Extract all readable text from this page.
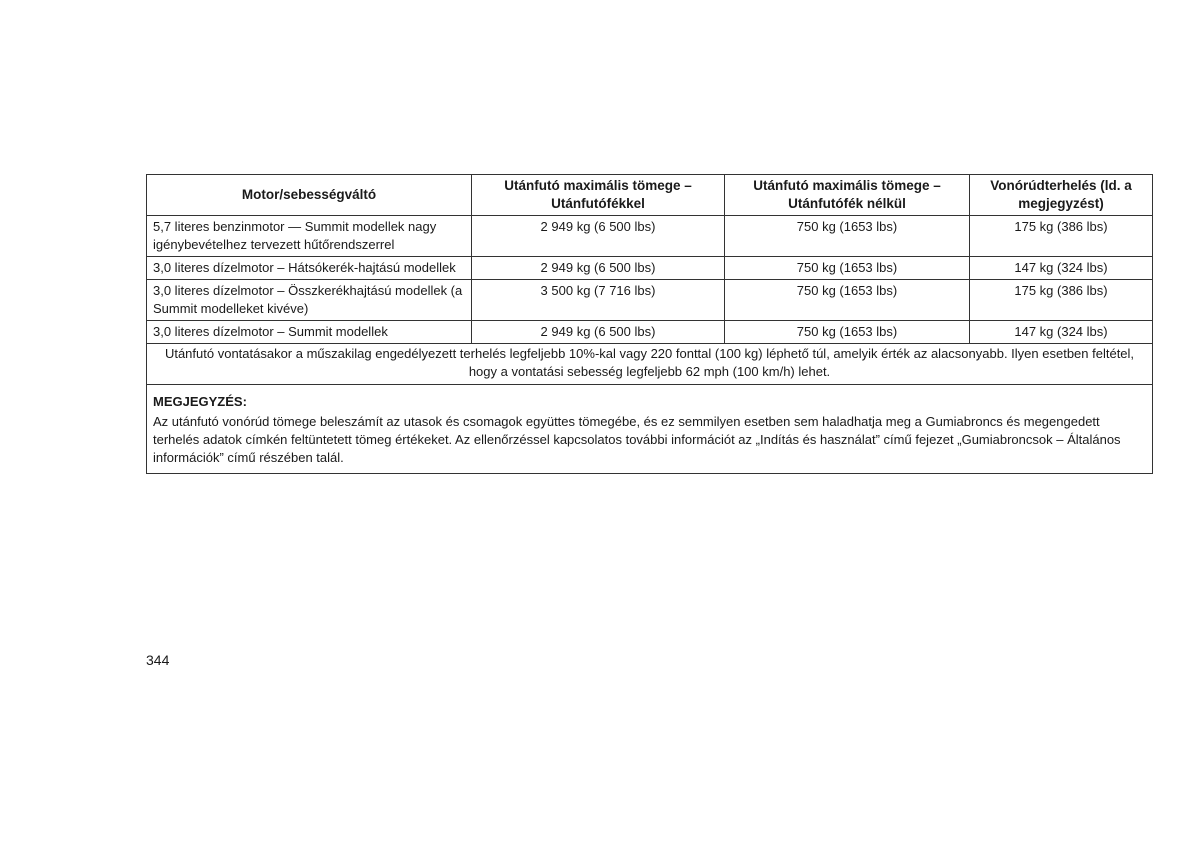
Motor/sebességváltó	Utánfutó maximális tömege – Utánfutófékkel	Utánfutó maximális tömege – Utánfutófék nélkül	Vonórúdterhelés (ld. a megjegyzést)
5,7 literes benzinmotor — Summit modellek nagy igénybevételhez tervezett hűtőrendszerrel	2 949 kg (6 500 lbs)	750 kg (1653 lbs)	175 kg (386 lbs)
3,0 literes dízelmotor – Hátsókerék-hajtású modellek	2 949 kg (6 500 lbs)	750 kg (1653 lbs)	147 kg (324 lbs)
3,0 literes dízelmotor – Összkerékhajtású modellek (a Summit modelleket kivéve)	3 500 kg (7 716 lbs)	750 kg (1653 lbs)	175 kg (386 lbs)
3,0 literes dízelmotor – Summit modellek	2 949 kg (6 500 lbs)	750 kg (1653 lbs)	147 kg (324 lbs)
Utánfutó vontatásakor a műszakilag engedélyezett terhelés legfeljebb 10%-kal vagy 220 fonttal (100 kg) léphető túl, amelyik érték az alacsonyabb. Ilyen esetben feltétel, hogy a vontatási sebesség legfeljebb 62 mph (100 km/h) lehet.			

MEGJEGYZÉS:
Az utánfutó vonórúd tömege beleszámít az utasok és csomagok együttes tömegébe, és ez semmilyen esetben sem haladhatja meg a Gumiabroncs és megengedett terhelés adatok címkén feltüntetett tömeg értékeket. Az ellenőrzéssel kapcsolatos további információt az „Indítás és használat” című fejezet „Gumiabroncsok – Általános információk” című részében talál.			
344
